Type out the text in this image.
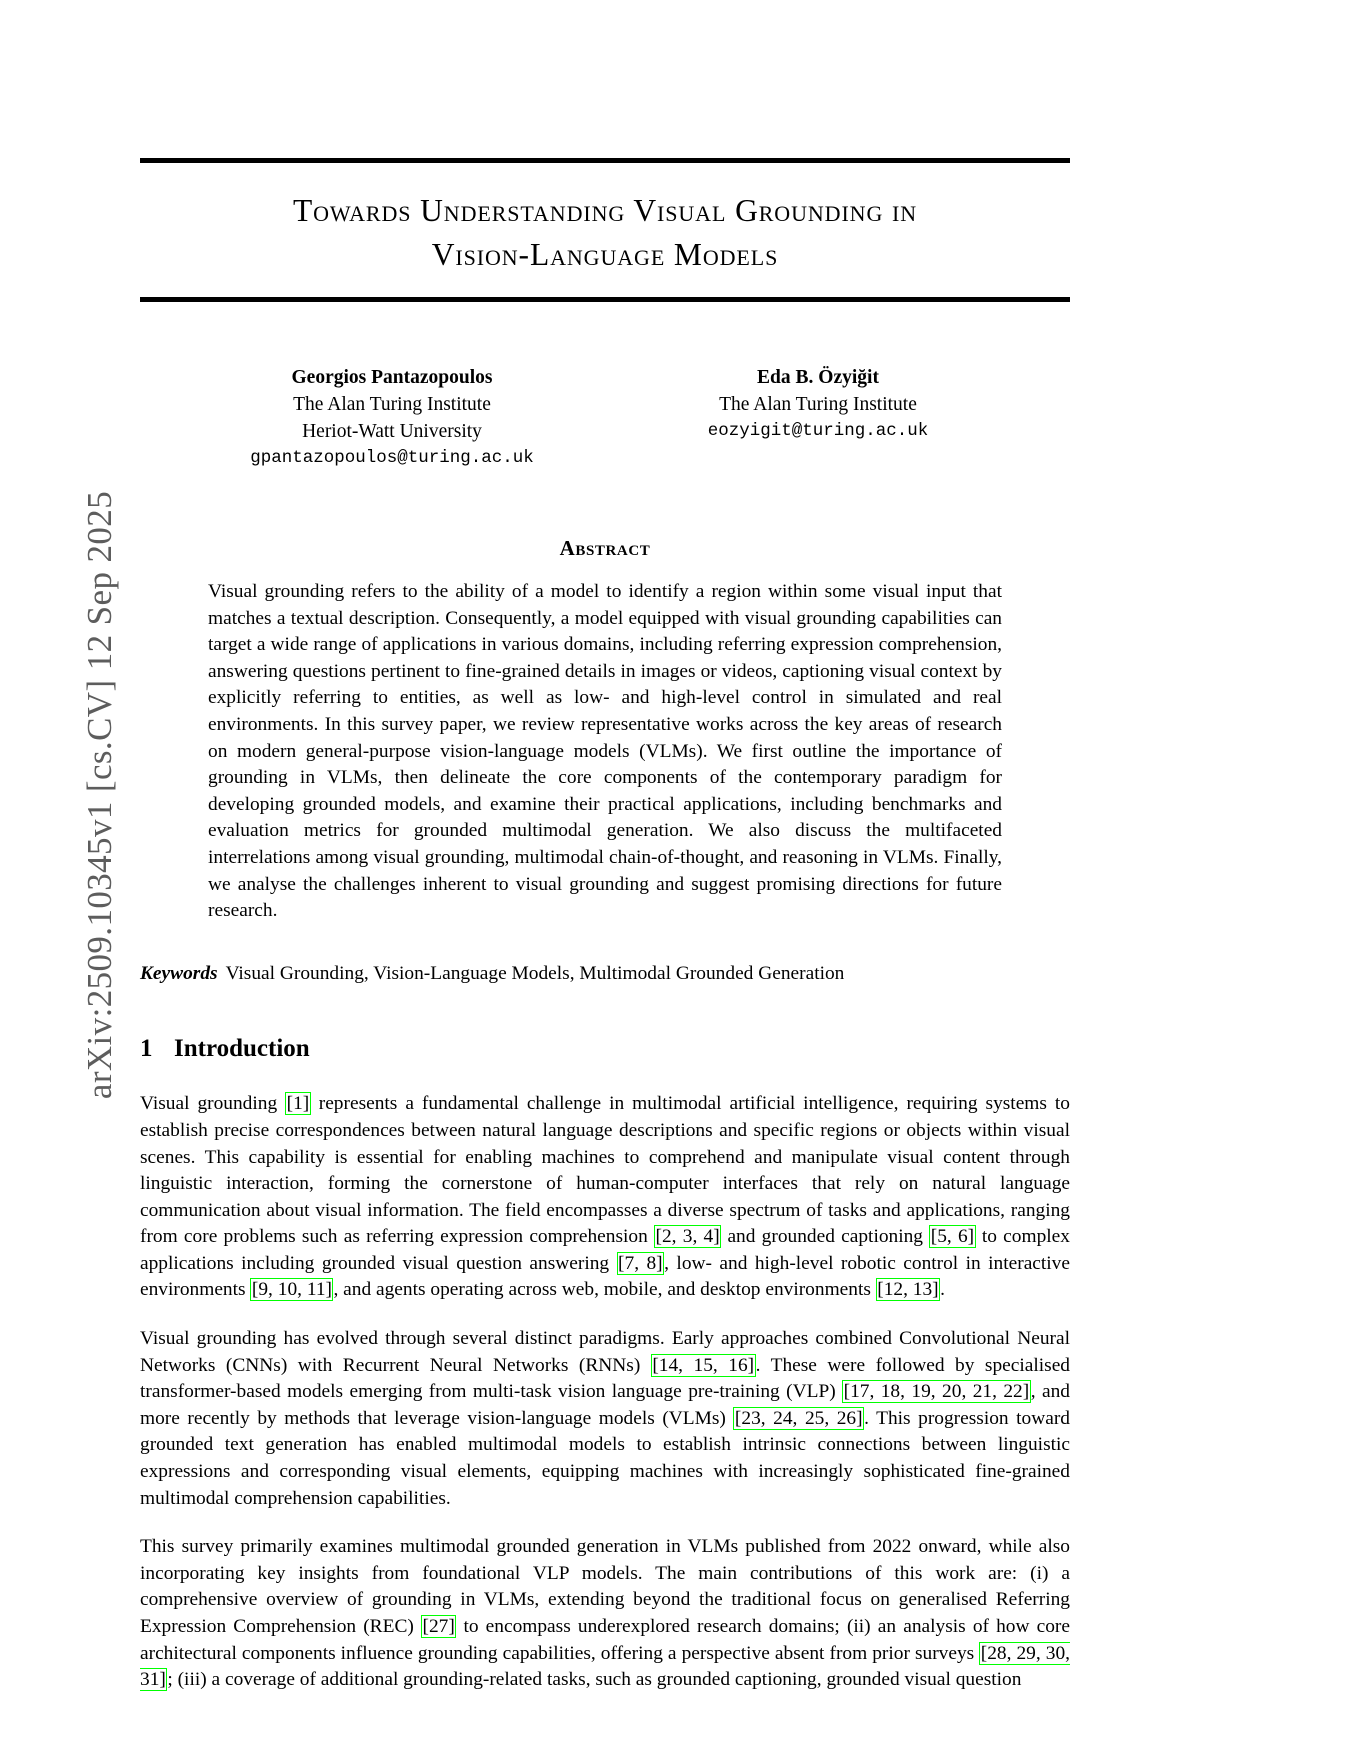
arXiv:2509.10345v1 [cs.CV] 12 Sep 2025
Towards Understanding Visual Grounding in
Vision-Language Models
Georgios Pantazopoulos
The Alan Turing Institute
Heriot-Watt University
gpantazopoulos@turing.ac.uk
Eda B. Özyiğit
The Alan Turing Institute
eozyigit@turing.ac.uk
Abstract
Visual grounding refers to the ability of a model to identify a region within some visual input that matches a textual description. Consequently, a model equipped with visual grounding capabilities can target a wide range of applications in various domains, including referring expression comprehension, answering questions pertinent to fine-grained details in images or videos, captioning visual context by explicitly referring to entities, as well as low- and high-level control in simulated and real environments. In this survey paper, we review representative works across the key areas of research on modern general-purpose vision-language models (VLMs). We first outline the importance of grounding in VLMs, then delineate the core components of the contemporary paradigm for developing grounded models, and examine their practical applications, including benchmarks and evaluation metrics for grounded multimodal generation. We also discuss the multifaceted interrelations among visual grounding, multimodal chain-of-thought, and reasoning in VLMs. Finally, we analyse the challenges inherent to visual grounding and suggest promising directions for future research.
Keywords Visual Grounding, Vision-Language Models, Multimodal Grounded Generation
1 Introduction
Visual grounding [1] represents a fundamental challenge in multimodal artificial intelligence, requiring systems to establish precise correspondences between natural language descriptions and specific regions or objects within visual scenes. This capability is essential for enabling machines to comprehend and manipulate visual content through linguistic interaction, forming the cornerstone of human-computer interfaces that rely on natural language communication about visual information. The field encompasses a diverse spectrum of tasks and applications, ranging from core problems such as referring expression comprehension [2, 3, 4] and grounded captioning [5, 6] to complex applications including grounded visual question answering [7, 8], low- and high-level robotic control in interactive environments [9, 10, 11], and agents operating across web, mobile, and desktop environments [12, 13].
Visual grounding has evolved through several distinct paradigms. Early approaches combined Convolutional Neural Networks (CNNs) with Recurrent Neural Networks (RNNs) [14, 15, 16]. These were followed by specialised transformer-based models emerging from multi-task vision language pre-training (VLP) [17, 18, 19, 20, 21, 22], and more recently by methods that leverage vision-language models (VLMs) [23, 24, 25, 26]. This progression toward grounded text generation has enabled multimodal models to establish intrinsic connections between linguistic expressions and corresponding visual elements, equipping machines with increasingly sophisticated fine-grained multimodal comprehension capabilities.
This survey primarily examines multimodal grounded generation in VLMs published from 2022 onward, while also incorporating key insights from foundational VLP models. The main contributions of this work are: (i) a comprehensive overview of grounding in VLMs, extending beyond the traditional focus on generalised Referring Expression Comprehension (REC) [27] to encompass underexplored research domains; (ii) an analysis of how core architectural components influence grounding capabilities, offering a perspective absent from prior surveys [28, 29, 30, 31]; (iii) a coverage of additional grounding-related tasks, such as grounded captioning, grounded visual question
